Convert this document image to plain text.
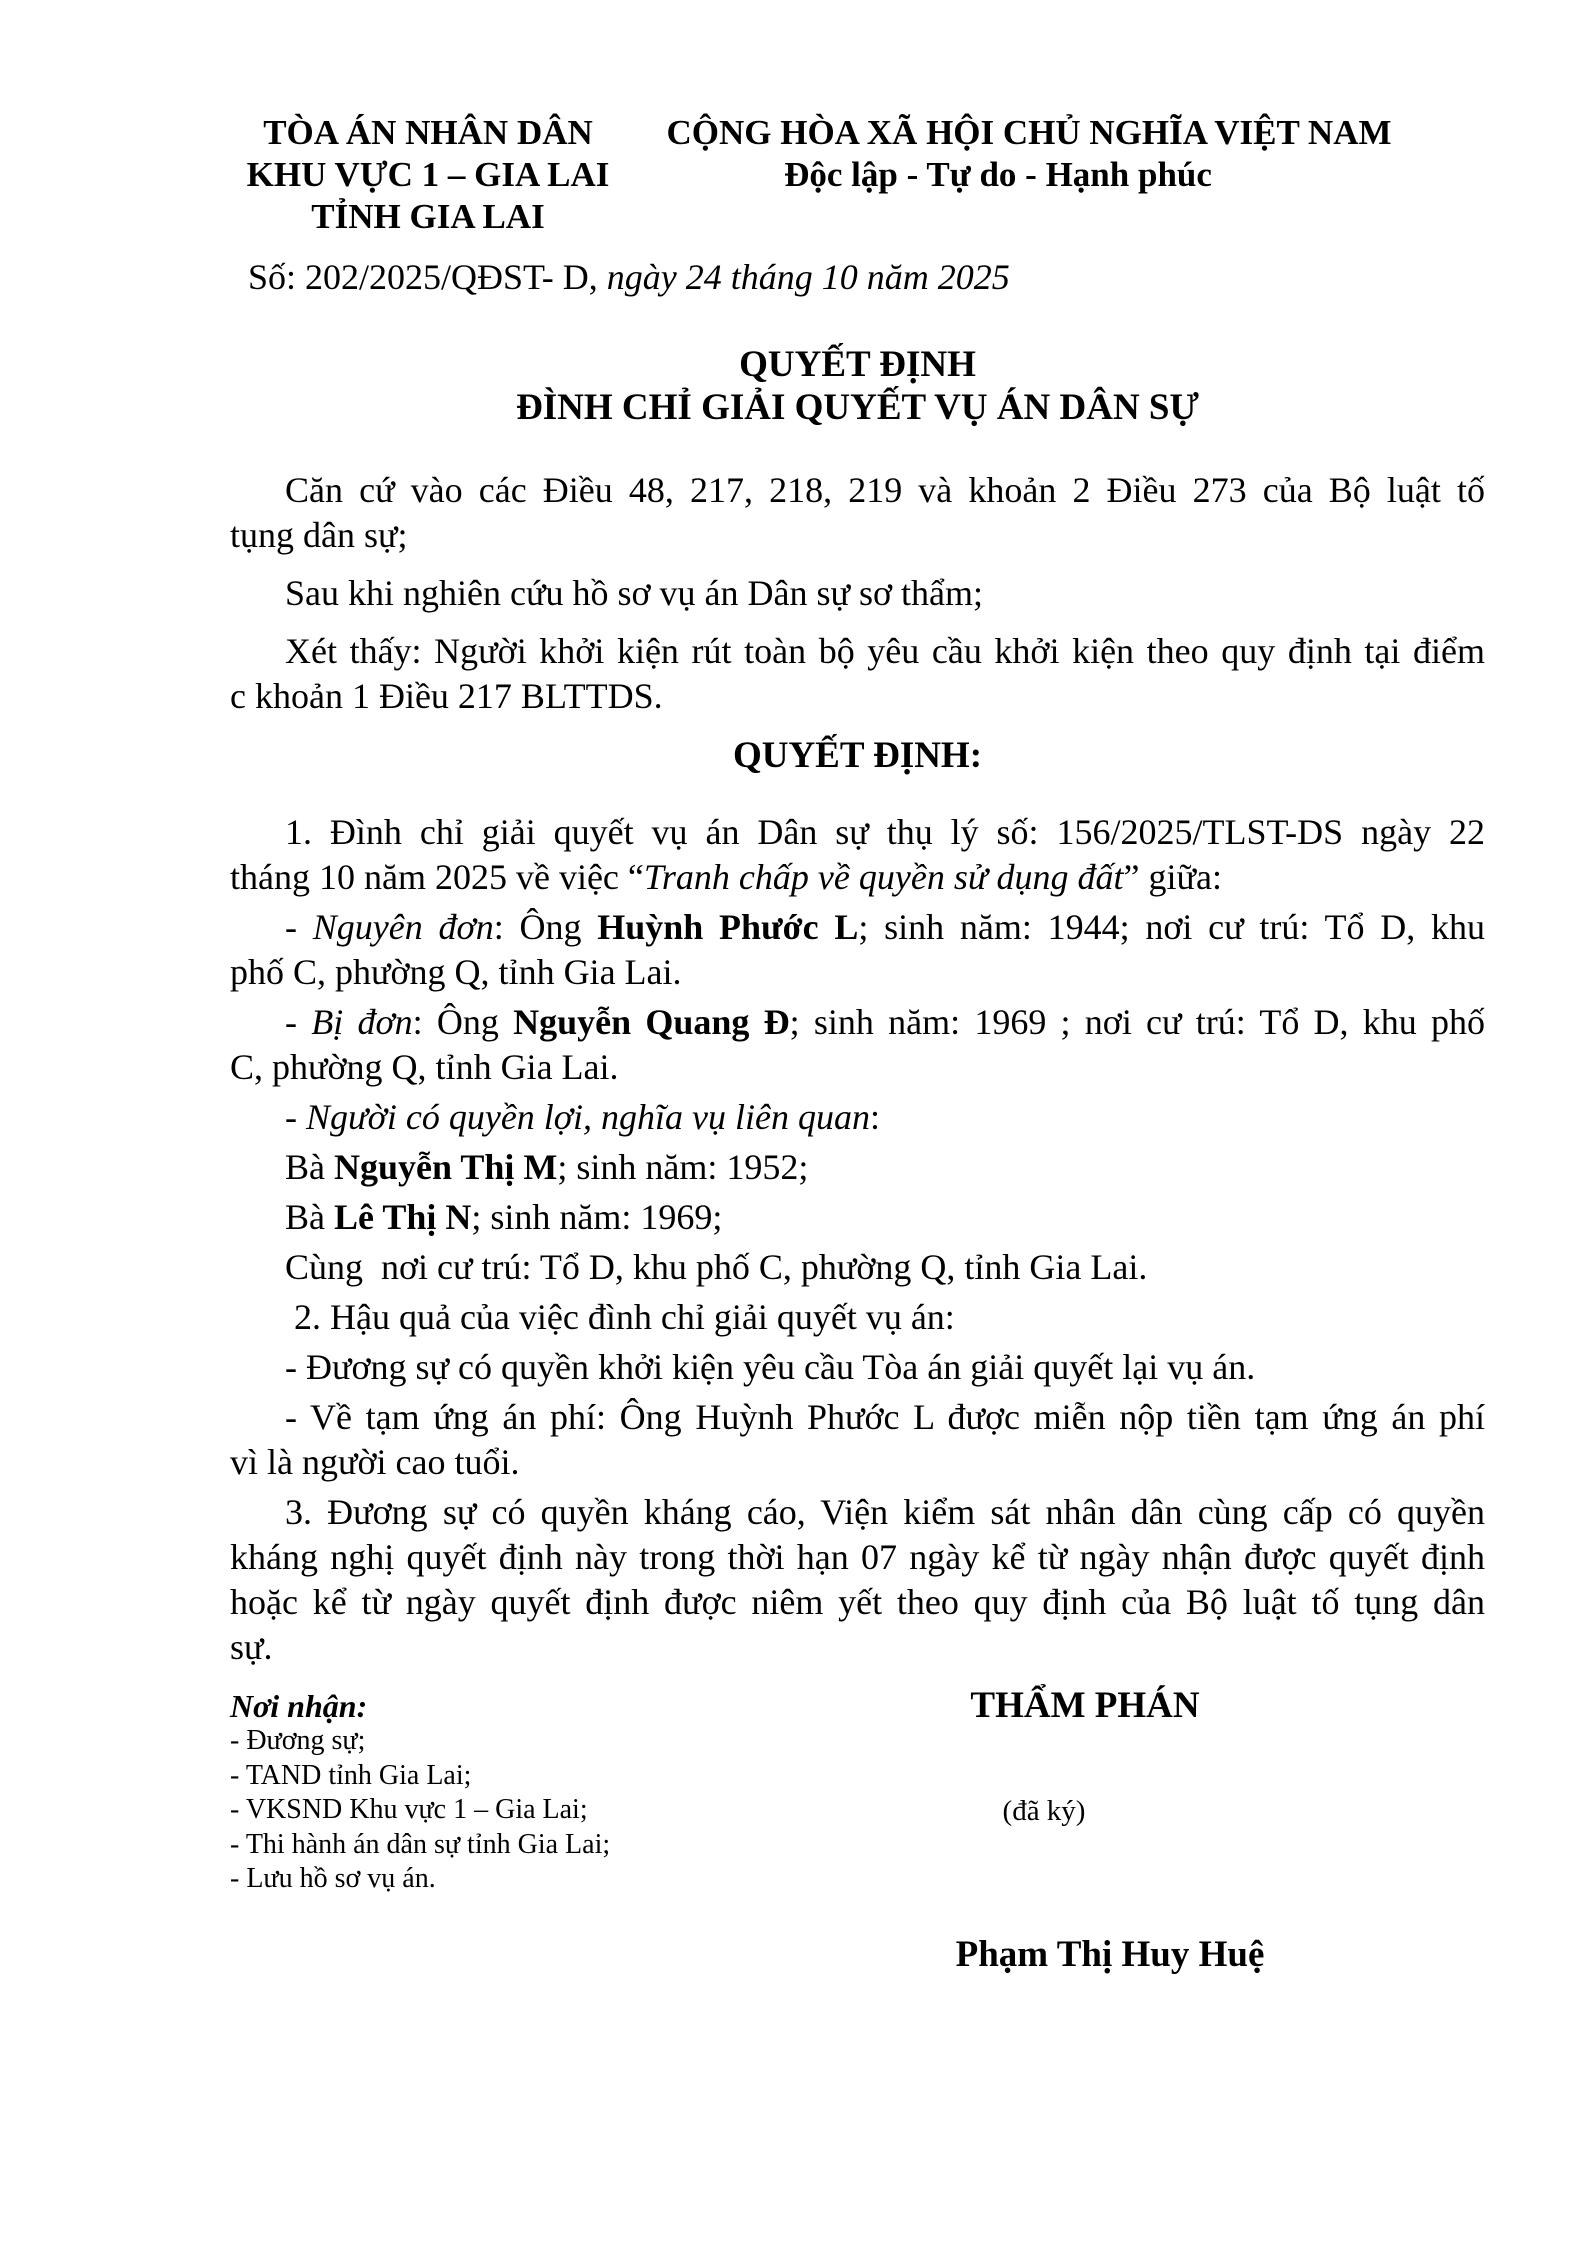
TÒA ÁN NHÂN DÂN
KHU VỰC 1 – GIA LAI
TỈNH GIA LAI
CỘNG HÒA XÃ HỘI CHỦ NGHĨA VIỆT NAM
Độc lập - Tự do - Hạnh phúc
Số: 202/2025/QĐST- D, ngày 24 tháng 10 năm 2025
QUYẾT ĐỊNH
ĐÌNH CHỈ GIẢI QUYẾT VỤ ÁN DÂN SỰ
Căn cứ vào các Điều 48, 217, 218, 219 và khoản 2 Điều 273 của Bộ luật tố
tụng dân sự;
Sau khi nghiên cứu hồ sơ vụ án Dân sự sơ thẩm;
Xét thấy: Người khởi kiện rút toàn bộ yêu cầu khởi kiện theo quy định tại điểm
c khoản 1 Điều 217 BLTTDS.
QUYẾT ĐỊNH:
1. Đình chỉ giải quyết vụ án Dân sự thụ lý số: 156/2025/TLST-DS ngày 22
tháng 10 năm 2025 về việc “Tranh chấp về quyền sử dụng đất” giữa:
- Nguyên đơn: Ông Huỳnh Phước L; sinh năm: 1944; nơi cư trú: Tổ D, khu
phố C, phường Q, tỉnh Gia Lai.
- Bị đơn: Ông Nguyễn Quang Đ; sinh năm: 1969 ; nơi cư trú: Tổ D, khu phố
C, phường Q, tỉnh Gia Lai.
- Người có quyền lợi, nghĩa vụ liên quan:
Bà Nguyễn Thị M; sinh năm: 1952;
Bà Lê Thị N; sinh năm: 1969;
Cùng  nơi cư trú: Tổ D, khu phố C, phường Q, tỉnh Gia Lai.
2. Hậu quả của việc đình chỉ giải quyết vụ án:
- Đương sự có quyền khởi kiện yêu cầu Tòa án giải quyết lại vụ án.
- Về tạm ứng án phí: Ông Huỳnh Phước L được miễn nộp tiền tạm ứng án phí
vì là người cao tuổi.
3. Đương sự có quyền kháng cáo, Viện kiểm sát nhân dân cùng cấp có quyền
kháng nghị quyết định này trong thời hạn 07 ngày kể từ ngày nhận được quyết định
hoặc kể từ ngày quyết định được niêm yết theo quy định của Bộ luật tố tụng dân
sự.
Nơi nhận:
- Đương sự;
- TAND tỉnh Gia Lai;
- VKSND Khu vực 1 – Gia Lai;
- Thi hành án dân sự tỉnh Gia Lai;
- Lưu hồ sơ vụ án.
THẨM PHÁN
(đã ký)
Phạm Thị Huy Huệ
